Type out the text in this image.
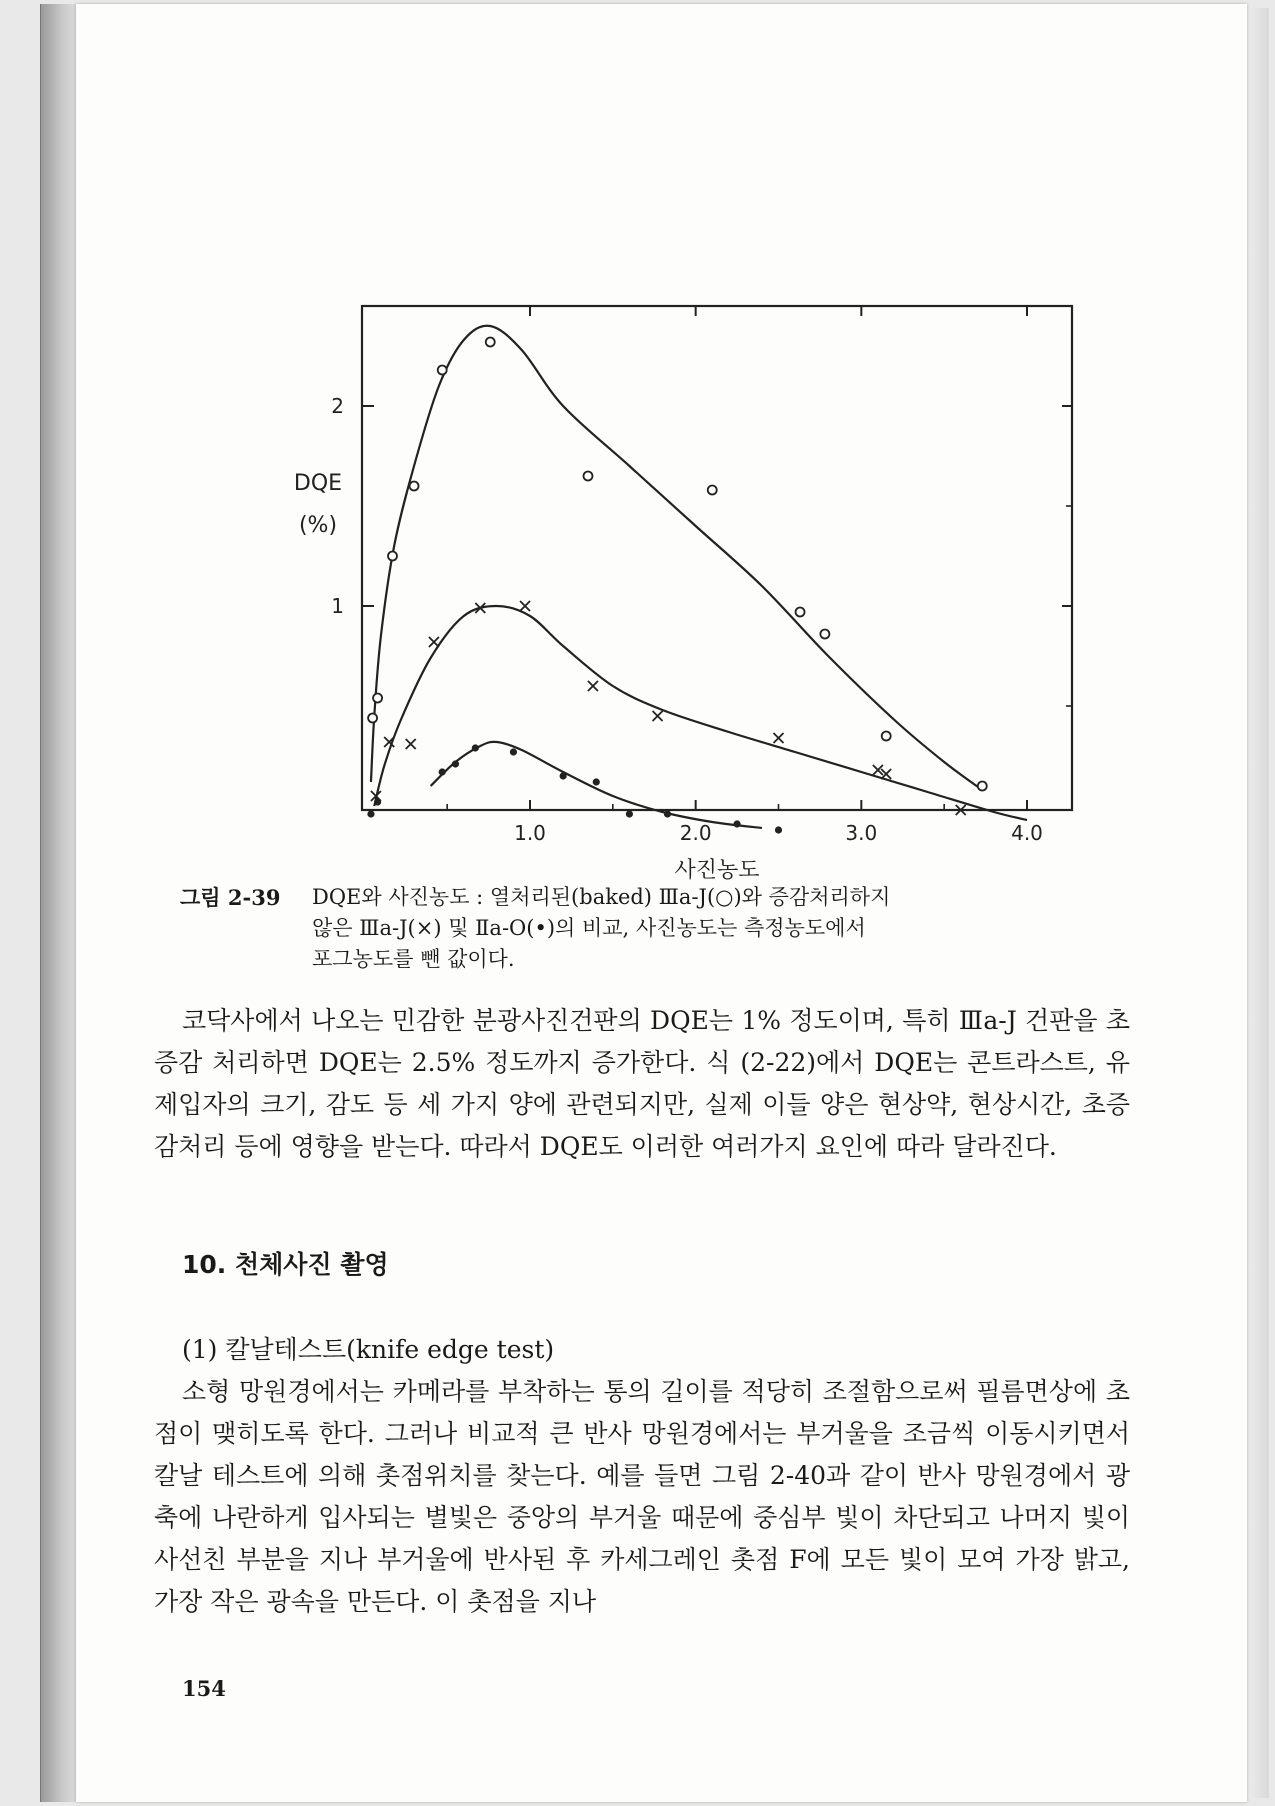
1.0	2.0	3.0	4.0
1
2
DQE
(%)
사진농도
그림 2-39 DQE와 사진농도 : 열처리된(baked) Ⅲa-J(○)와 증감처리하지
않은 Ⅲa-J(×) 및 Ⅱa-O(•)의 비교, 사진농도는 측정농도에서
포그농도를 뺀 값이다.

코닥사에서 나오는 민감한 분광사진건판의 DQE는 1% 정도이며, 특히 Ⅲa-J 건판을 초증감 처리하면 DQE는 2.5% 정도까지 증가한다. 식 (2-22)에서 DQE는 콘트라스트, 유제입자의 크기, 감도 등 세 가지 양에 관련되지만, 실제 이들 양은 현상약, 현상시간, 초증감처리 등에 영향을 받는다. 따라서 DQE도 이러한 여러가지 요인에 따라 달라진다.

10. 천체사진 촬영
(1) 칼날테스트(knife edge test)

소형 망원경에서는 카메라를 부착하는 통의 길이를 적당히 조절함으로써 필름면상에 초점이 맺히도록 한다. 그러나 비교적 큰 반사 망원경에서는 부거울을 조금씩 이동시키면서 칼날 테스트에 의해 촛점위치를 찾는다. 예를 들면 그림 2-40과 같이 반사 망원경에서 광축에 나란하게 입사되는 별빛은 중앙의 부거울 때문에 중심부 빛이 차단되고 나머지 빛이 사선친 부분을 지나 부거울에 반사된 후 카세그레인 촛점 F에 모든 빛이 모여 가장 밝고, 가장 작은 광속을 만든다. 이 촛점을 지나

154
